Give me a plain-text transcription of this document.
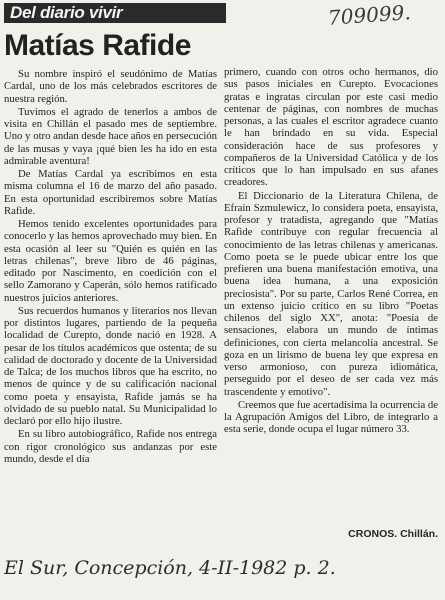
Del diario vivir	709099.
Matías Rafide

Su nombre inspiró el seudónimo de Matías Cardal, uno de los más celebrados escritores de nuestra región.

Tuvimos el agrado de tenerlos a ambos de visita en Chillán el pasado mes de septiembre. Uno y otro andan desde hace años en persecución de las musas y vaya ¡qué bien les ha ido en esta admirable aventura!

De Matías Cardal ya escribimos en esta misma columna el 16 de marzo del año pasado. En esta oportunidad escribiremos sobre Matías Rafide.

Hemos tenido excelentes oportunidades para conocerlo y las hemos aprovechado muy bien. En esta ocasión al leer su "Quién es quién en las letras chilenas", breve libro de 46 páginas, editado por Nascimento, en coedición con el sello Zamorano y Caperán, sólo hemos ratificado nuestros juicios anteriores.

Sus recuerdos humanos y literarios nos llevan por distintos lugares, partiendo de la pequeña localidad de Curepto, donde nació en 1928. A pesar de los títulos académicos que ostenta; de su calidad de doctorado y docente de la Universidad de Talca; de los muchos libros que ha escrito, no menos de quince y de su calificación nacional como poeta y ensayista, Rafide jamás se ha olvidado de su pueblo natal. Su Municipalidad lo declaró por ello hijo ilustre.

En su libro autobiográfico, Rafide nos entrega con rigor cronológico sus andanzas por este mundo, desde el día

primero, cuando con otros ocho hermanos, dio sus pasos iniciales en Curepto. Evocaciones gratas e ingratas circulan por este casi medio centenar de páginas, con nombres de muchas personas, a las cuales el escritor agradece cuanto le han brindado en su vida. Especial consideración hace de sus profesores y compañeros de la Universidad Católica y de los críticos que lo han impulsado en sus afanes creadores.

El Diccionario de la Literatura Chilena, de Efraín Szmulewicz, lo considera poeta, ensayista, profesor y tratadista, agregando que "Matías Rafide contribuye con regular frecuencia al conocimiento de las letras chilenas y americanas. Como poeta se le puede ubicar entre los que prefieren una buena manifestación emotiva, una buena idea humana, a una exposición preciosista". Por su parte, Carlos René Correa, en un extenso juicio crítico en su libro "Poetas chilenos del siglo XX", anota: "Poesía de sensaciones, elabora un mundo de íntimas definiciones, con cierta melancolía ancestral. Se goza en un lirismo de buena ley que expresa en verso armonioso, con pureza idiomática, perseguido por el deseo de ser cada vez más trascendente y emotivo".

Creemos que fue acertadísima la ocurrencia de la Agrupación Amigos del Libro, de integrarlo a esta serie, donde ocupa el lugar número 33.

CRONOS. Chillán.
El Sur, Concepción, 4-II-1982 p. 2.
